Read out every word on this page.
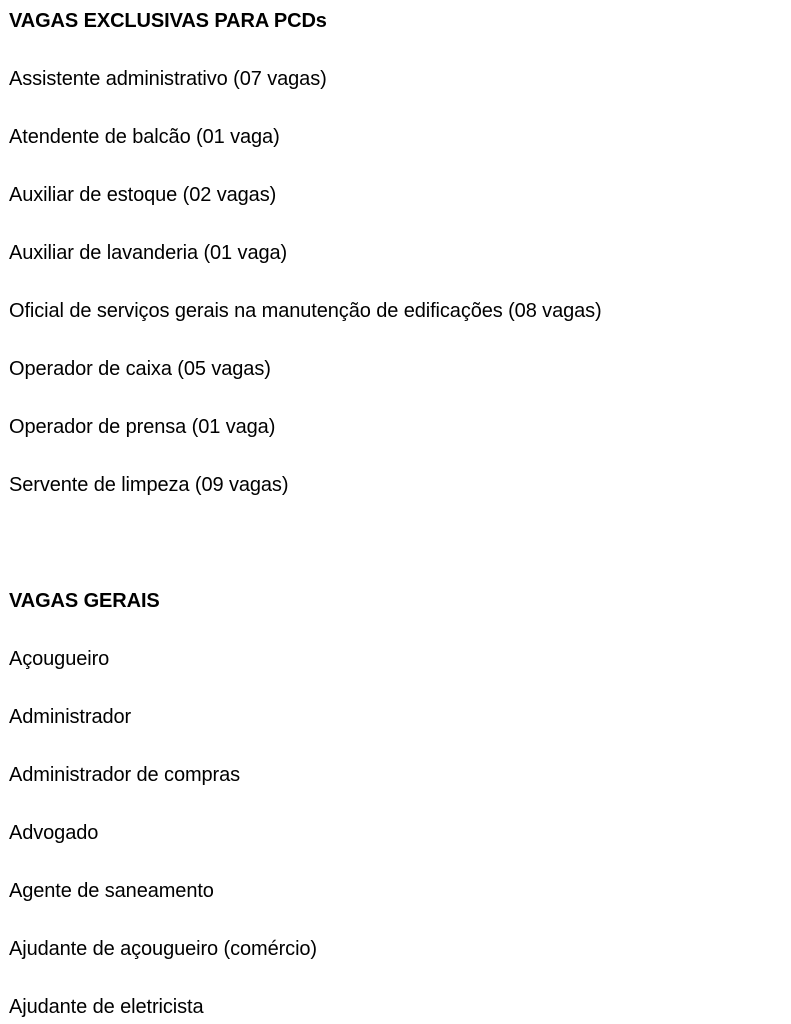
VAGAS EXCLUSIVAS PARA PCDs
Assistente administrativo (07 vagas)
Atendente de balcão (01 vaga)
Auxiliar de estoque (02 vagas)
Auxiliar de lavanderia (01 vaga)
Oficial de serviços gerais na manutenção de edificações (08 vagas)
Operador de caixa (05 vagas)
Operador de prensa (01 vaga)
Servente de limpeza (09 vagas)
VAGAS GERAIS
Açougueiro
Administrador
Administrador de compras
Advogado
Agente de saneamento
Ajudante de açougueiro (comércio)
Ajudante de eletricista
